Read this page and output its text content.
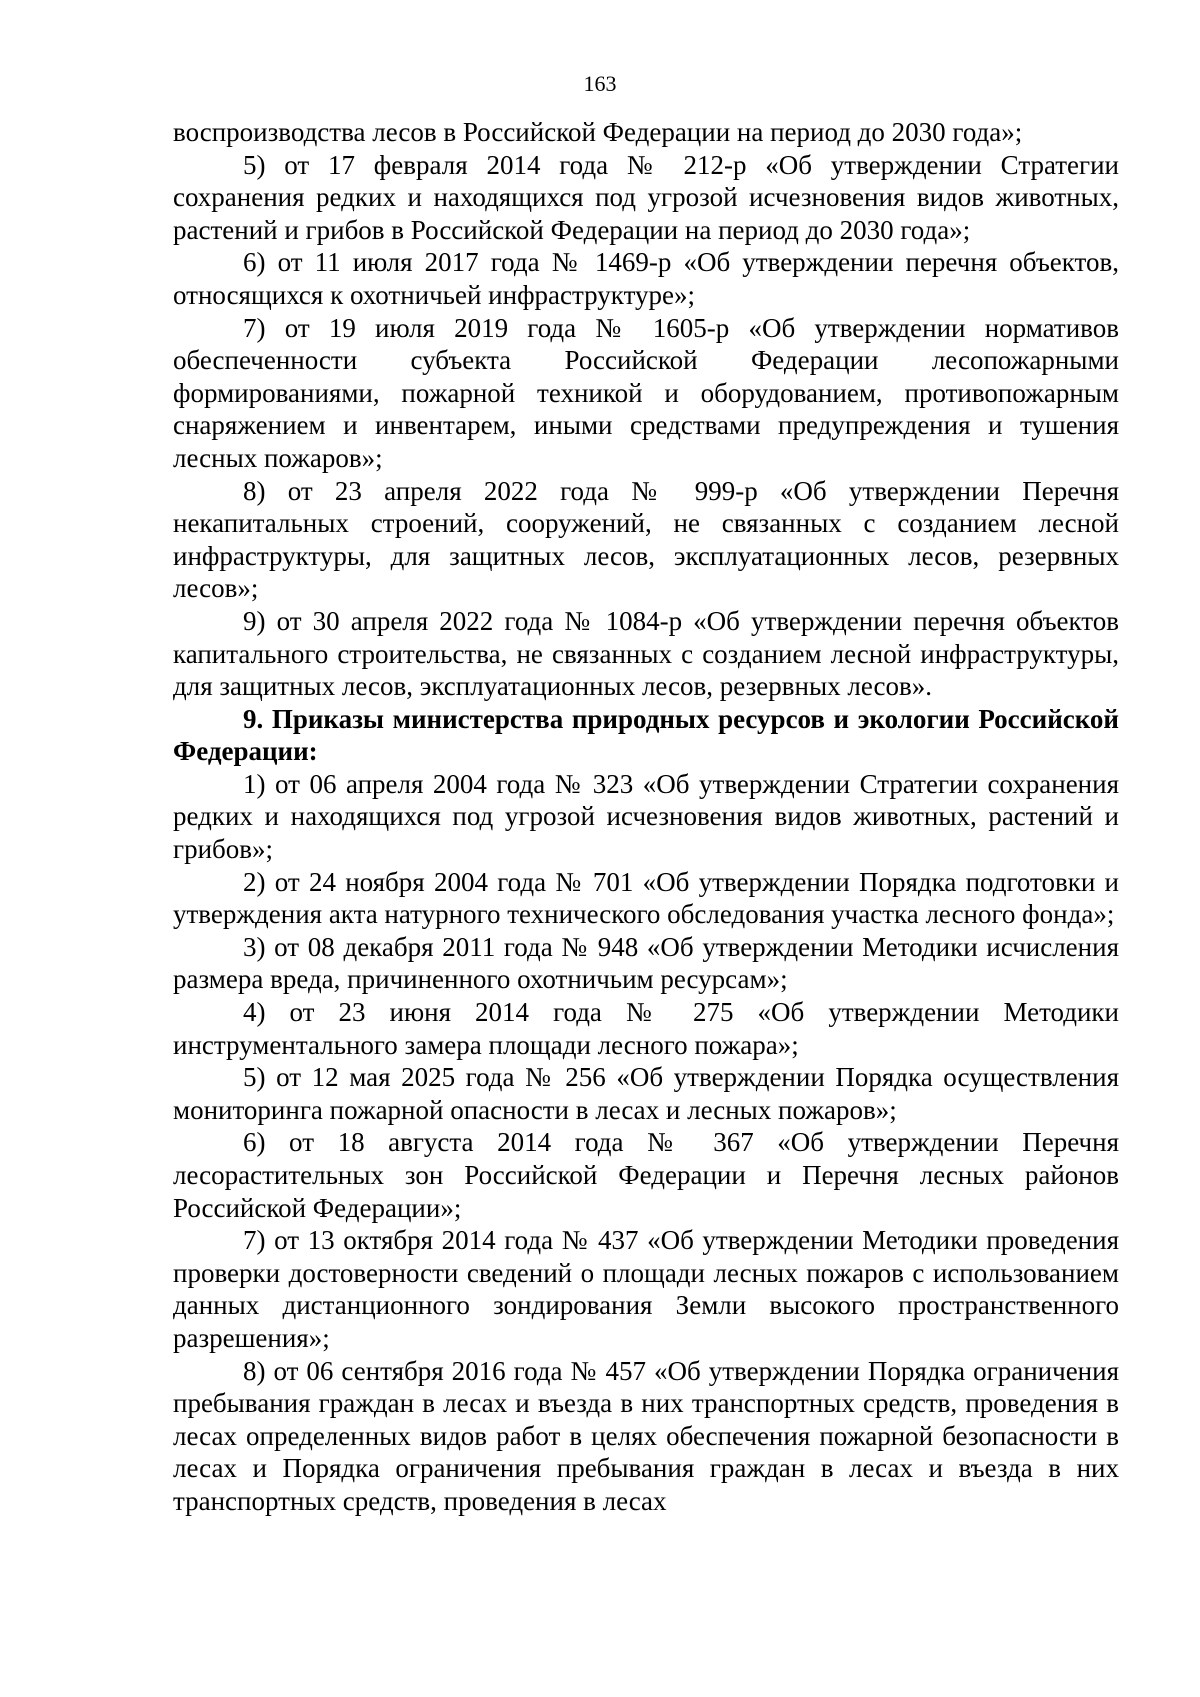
163

воспроизводства лесов в Российской Федерации на период до 2030 года»;

5) от 17 февраля 2014 года № 212-р «Об утверждении Стратегии сохранения редких и находящихся под угрозой исчезновения видов животных, растений и грибов в Российской Федерации на период до 2030 года»;

6) от 11 июля 2017 года № 1469-р «Об утверждении перечня объектов, относящихся к охотничьей инфраструктуре»;

7) от 19 июля 2019 года № 1605-р «Об утверждении нормативов обеспеченности субъекта Российской Федерации лесопожарными формированиями, пожарной техникой и оборудованием, противопожарным снаряжением и инвентарем, иными средствами предупреждения и тушения лесных пожаров»;

8) от 23 апреля 2022 года № 999-р «Об утверждении Перечня некапитальных строений, сооружений, не связанных с созданием лесной инфраструктуры, для защитных лесов, эксплуатационных лесов, резервных лесов»;

9) от 30 апреля 2022 года № 1084-р «Об утверждении перечня объектов капитального строительства, не связанных с созданием лесной инфраструктуры, для защитных лесов, эксплуатационных лесов, резервных лесов».

9. Приказы министерства природных ресурсов и экологии Российской Федерации:

1) от 06 апреля 2004 года № 323 «Об утверждении Стратегии сохранения редких и находящихся под угрозой исчезновения видов животных, растений и грибов»;

2) от 24 ноября 2004 года № 701 «Об утверждении Порядка подготовки и утверждения акта натурного технического обследования участка лесного фонда»;

3) от 08 декабря 2011 года № 948 «Об утверждении Методики исчисления размера вреда, причиненного охотничьим ресурсам»;

4) от 23 июня 2014 года № 275 «Об утверждении Методики инструментального замера площади лесного пожара»;

5) от 12 мая 2025 года № 256 «Об утверждении Порядка осуществления мониторинга пожарной опасности в лесах и лесных пожаров»;

6) от 18 августа 2014 года № 367 «Об утверждении Перечня лесорастительных зон Российской Федерации и Перечня лесных районов Российской Федерации»;

7) от 13 октября 2014 года № 437 «Об утверждении Методики проведения проверки достоверности сведений о площади лесных пожаров с использованием данных дистанционного зондирования Земли высокого пространственного разрешения»;

8) от 06 сентября 2016 года № 457 «Об утверждении Порядка ограничения пребывания граждан в лесах и въезда в них транспортных средств, проведения в лесах определенных видов работ в целях обеспечения пожарной безопасности в лесах и Порядка ограничения пребывания граждан в лесах и въезда в них транспортных средств, проведения в лесах
